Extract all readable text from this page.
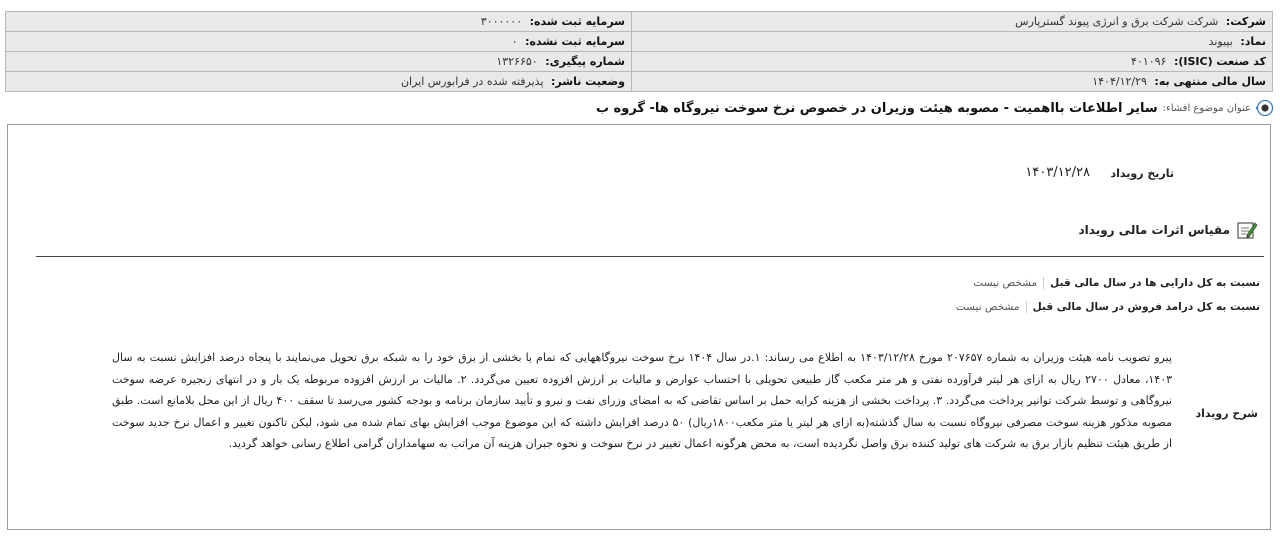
شرکت: شرکت شرکت برق و انرژی پیوند گسترپارس	سرمایه ثبت شده: ۳۰۰۰۰۰۰
نماد: بپیوند	سرمایه ثبت نشده: ۰
کد صنعت (ISIC): ۴۰۱۰۹۶	شماره پیگیری: ۱۳۲۶۶۵۰
سال مالی منتهی به: ۱۴۰۴/۱۲/۲۹	وضعیت ناشر: پذیرفته شده در فرابورس ایران
عنوان موضوع افشاء:
سایر اطلاعات بااهمیت - مصوبه هیئت وزیران در خصوص نرخ سوخت نیروگاه ها- گروه ب
۱۴۰۳/۱۲/۲۸ تاریخ رویداد
مقیاس اثرات مالی رویداد
نسبت به کل دارایی ها در سال مالی قبل
مشخص نیست
نسبت به کل درامد فروش در سال مالی قبل
مشخص نیست
شرح رویداد
پیرو تصویب نامه هیئت وزیران به شماره ۲۰۷۶۵۷ مورخ ۱۴۰۳/۱۲/۲۸ به اطلاع می رساند: ۱.در سال ۱۴۰۴ نرخ سوخت نیروگاههایی که تمام یا بخشی از برق خود را به شبکه برق تحویل می‌نمایند با پنجاه درصد افزایش نسبت به سال ۱۴۰۳، معادل ۲۷۰۰ ریال به ازای هر لیتر فرآورده نفتی و هر متر مکعب گاز طبیعی تحویلی با احتساب عوارض و مالیات بر ارزش افزوده تعیین می‌گردد. ۲. مالیات بر ارزش افزوده مربوطه یک بار و در انتهای زنجیره عرضه سوخت نیروگاهی و توسط شرکت توانیر پرداخت می‌گردد. ۳. پرداخت بخشی از هزینه کرایه حمل بر اساس تقاضی که به امضای وزرای نفت و نیرو و تأیید سازمان برنامه و بودجه کشور می‌رسد تا سقف ۴۰۰ ریال از این محل بلامانع است. طبق مصوبه مذکور هزینه سوخت مصرفی نیروگاه نسبت به سال گذشته(به ازای هر لیتر یا متر مکعب۱۸۰۰ریال) ۵۰ درصد افزایش داشته که این موضوع موجب افزایش بهای تمام شده می شود، لیکن تاکنون تغییر و اعمال نرخ جدید سوخت از طریق هیئت تنظیم بازار برق به شرکت های تولید کننده برق واصل نگردیده است، به محض هرگونه اعمال تغییر در نرخ سوخت و نحوه جبران هزینه آن مراتب به سهامداران گرامی اطلاع رسانی خواهد گردید.
